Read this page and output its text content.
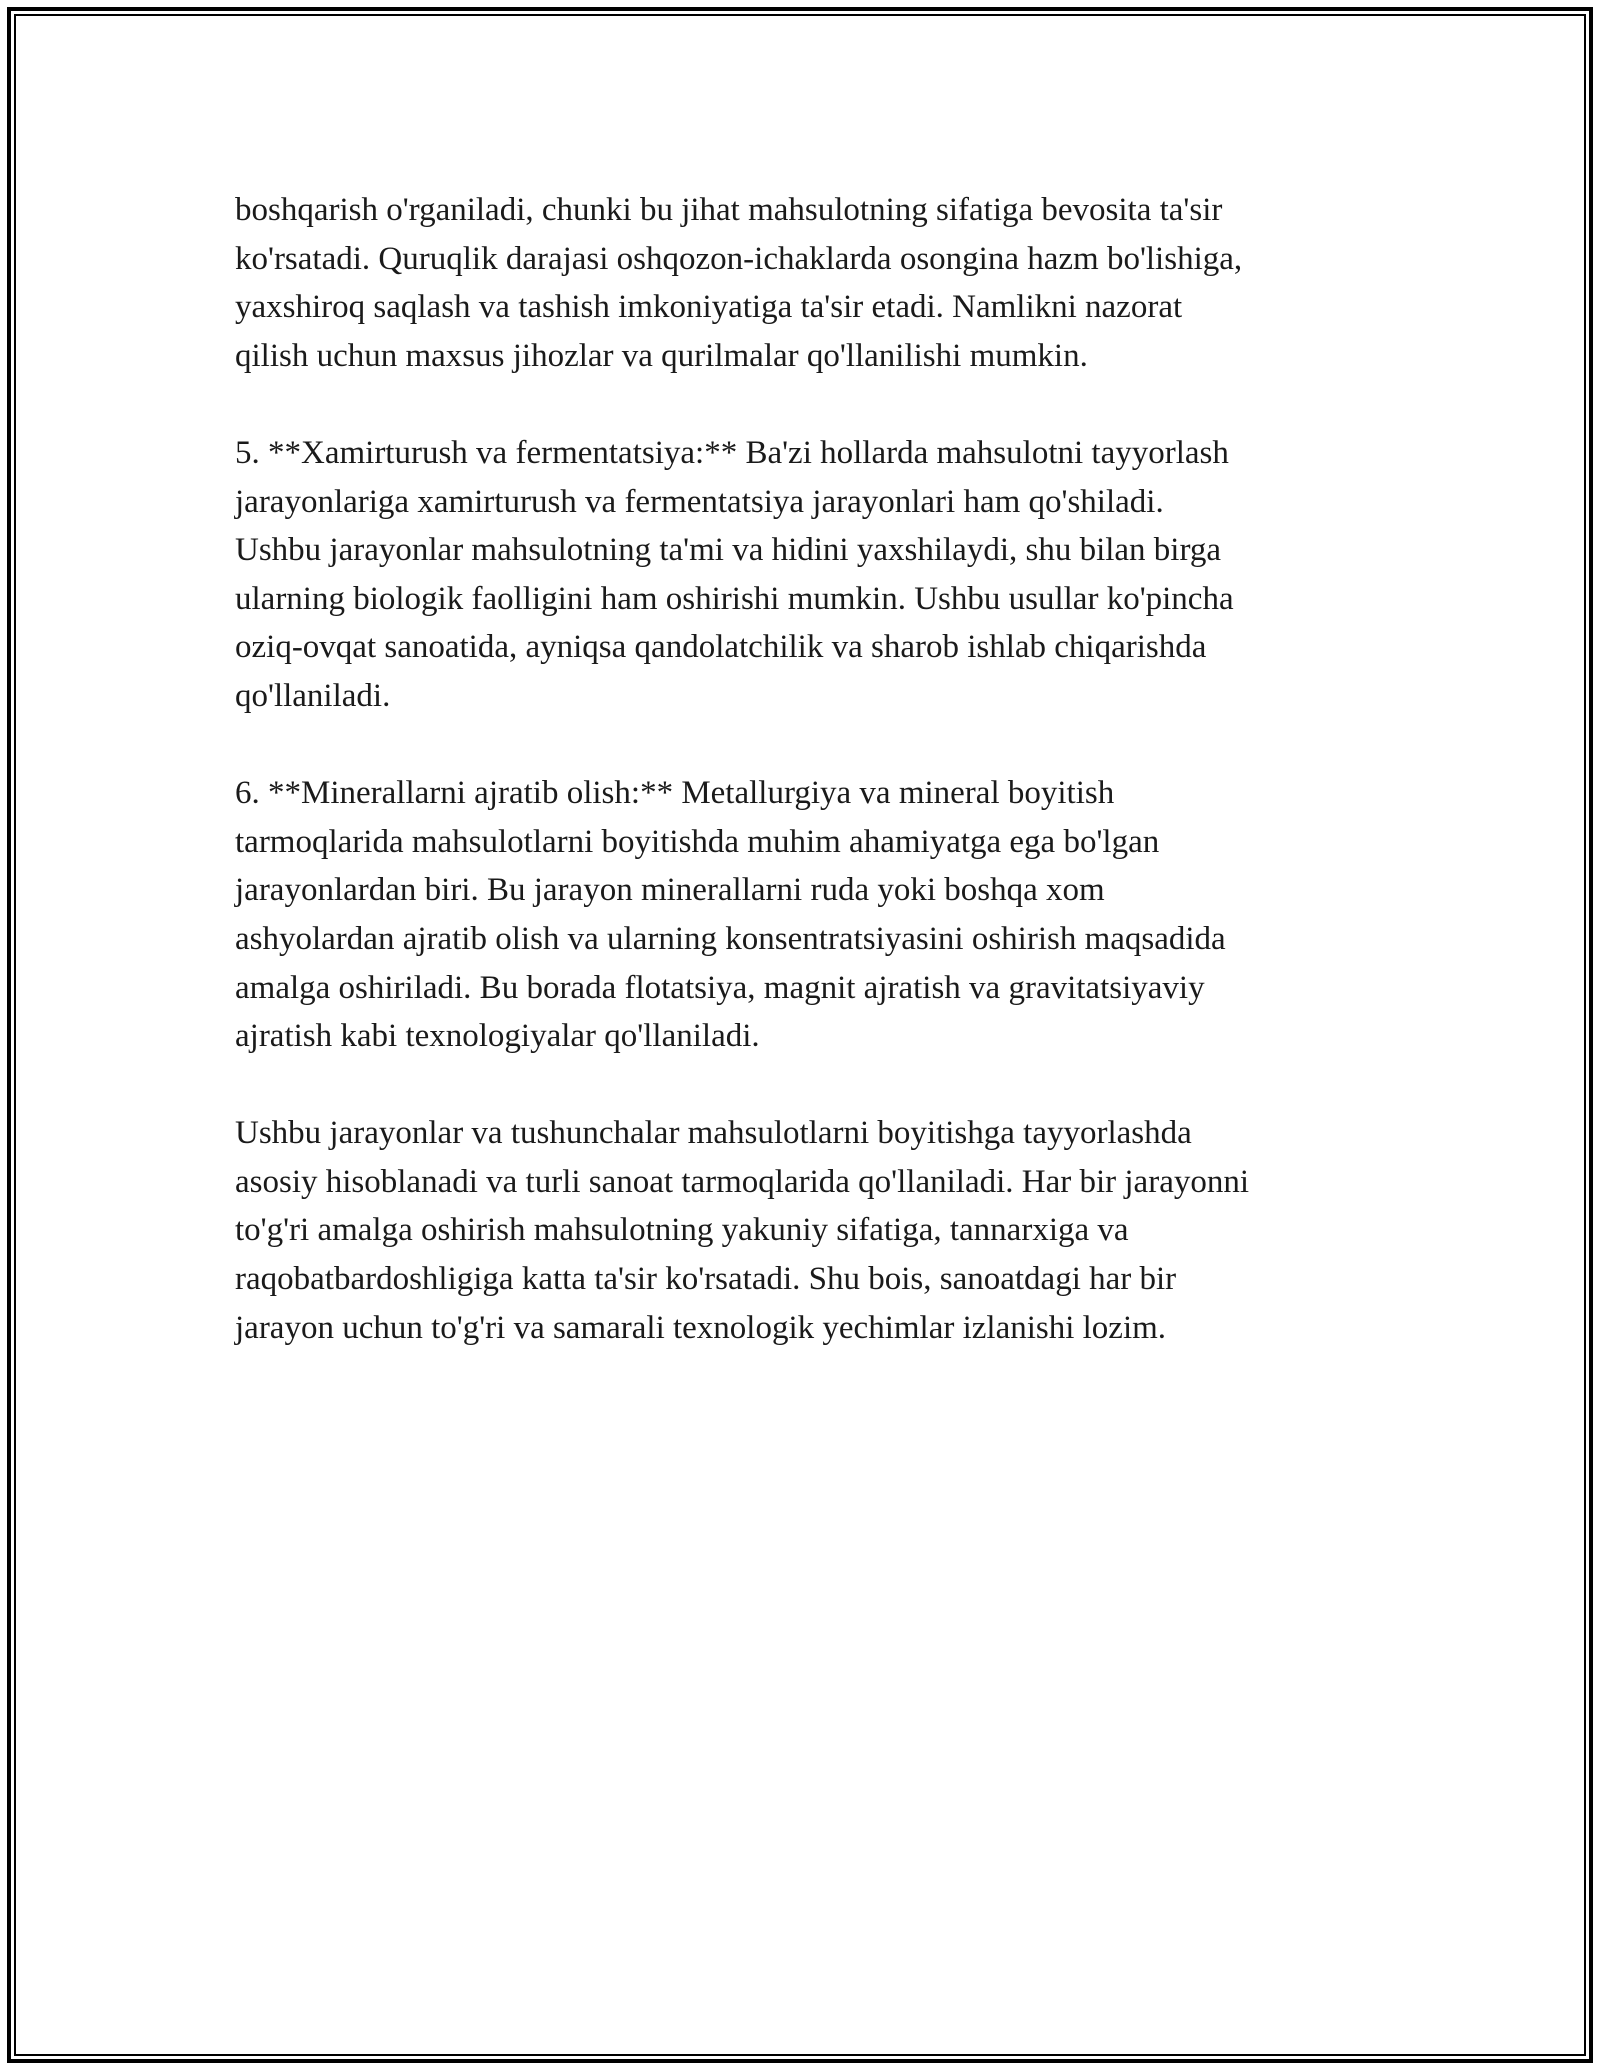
boshqarish o'rganiladi, chunki bu jihat mahsulotning sifatiga bevosita ta'sir
ko'rsatadi. Quruqlik darajasi oshqozon-ichaklarda osongina hazm bo'lishiga,
yaxshiroq saqlash va tashish imkoniyatiga ta'sir etadi. Namlikni nazorat
qilish uchun maxsus jihozlar va qurilmalar qo'llanilishi mumkin.

5. **Xamirturush va fermentatsiya:** Ba'zi hollarda mahsulotni tayyorlash
jarayonlariga xamirturush va fermentatsiya jarayonlari ham qo'shiladi.
Ushbu jarayonlar mahsulotning ta'mi va hidini yaxshilaydi, shu bilan birga
ularning biologik faolligini ham oshirishi mumkin. Ushbu usullar ko'pincha
oziq-ovqat sanoatida, ayniqsa qandolatchilik va sharob ishlab chiqarishda
qo'llaniladi.

6. **Minerallarni ajratib olish:** Metallurgiya va mineral boyitish
tarmoqlarida mahsulotlarni boyitishda muhim ahamiyatga ega bo'lgan
jarayonlardan biri. Bu jarayon minerallarni ruda yoki boshqa xom
ashyolardan ajratib olish va ularning konsentratsiyasini oshirish maqsadida
amalga oshiriladi. Bu borada flotatsiya, magnit ajratish va gravitatsiyaviy
ajratish kabi texnologiyalar qo'llaniladi.

Ushbu jarayonlar va tushunchalar mahsulotlarni boyitishga tayyorlashda
asosiy hisoblanadi va turli sanoat tarmoqlarida qo'llaniladi. Har bir jarayonni
to'g'ri amalga oshirish mahsulotning yakuniy sifatiga, tannarxiga va
raqobatbardoshligiga katta ta'sir ko'rsatadi. Shu bois, sanoatdagi har bir
jarayon uchun to'g'ri va samarali texnologik yechimlar izlanishi lozim.
